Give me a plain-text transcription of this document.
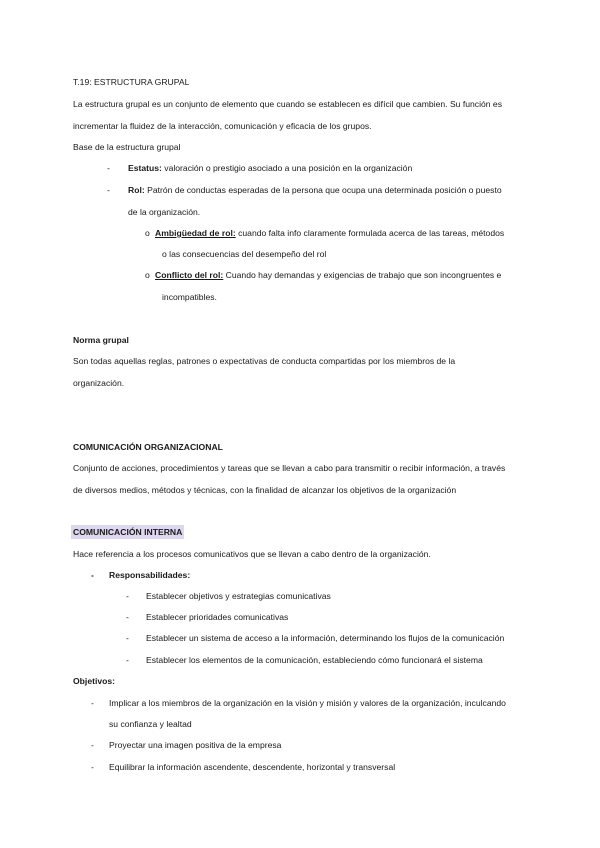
T.19: ESTRUCTURA GRUPAL
La estructura grupal es un conjunto de elemento que cuando se establecen es difícil que cambien. Su función es
incrementar la fluidez de la interacción, comunicación y eficacia de los grupos.
Base de la estructura grupal
- Estatus: valoración o prestigio asociado a una posición en la organización
- Rol: Patrón de conductas esperadas de la persona que ocupa una determinada posición o puesto
de la organización.
o Ambigüedad de rol: cuando falta info claramente formulada acerca de las tareas, métodos
o las consecuencias del desempeño del rol
o Conflicto del rol: Cuando hay demandas y exigencias de trabajo que son incongruentes e
incompatibles.
Norma grupal
Son todas aquellas reglas, patrones o expectativas de conducta compartidas por los miembros de la
organización.
COMUNICACIÓN ORGANIZACIONAL
Conjunto de acciones, procedimientos y tareas que se llevan a cabo para transmitir o recibir información, a través
de diversos medios, métodos y técnicas, con la finalidad de alcanzar los objetivos de la organización
COMUNICACIÓN INTERNA
Hace referencia a los procesos comunicativos que se llevan a cabo dentro de la organización.
- Responsabilidades:
- Establecer objetivos y estrategias comunicativas
- Establecer prioridades comunicativas
- Establecer un sistema de acceso a la información, determinando los flujos de la comunicación
- Establecer los elementos de la comunicación, estableciendo cómo funcionará el sistema
Objetivos:
- Implicar a los miembros de la organización en la visión y misión y valores de la organización, inculcando
su confianza y lealtad
- Proyectar una imagen positiva de la empresa
- Equilibrar la información ascendente, descendente, horizontal y transversal
